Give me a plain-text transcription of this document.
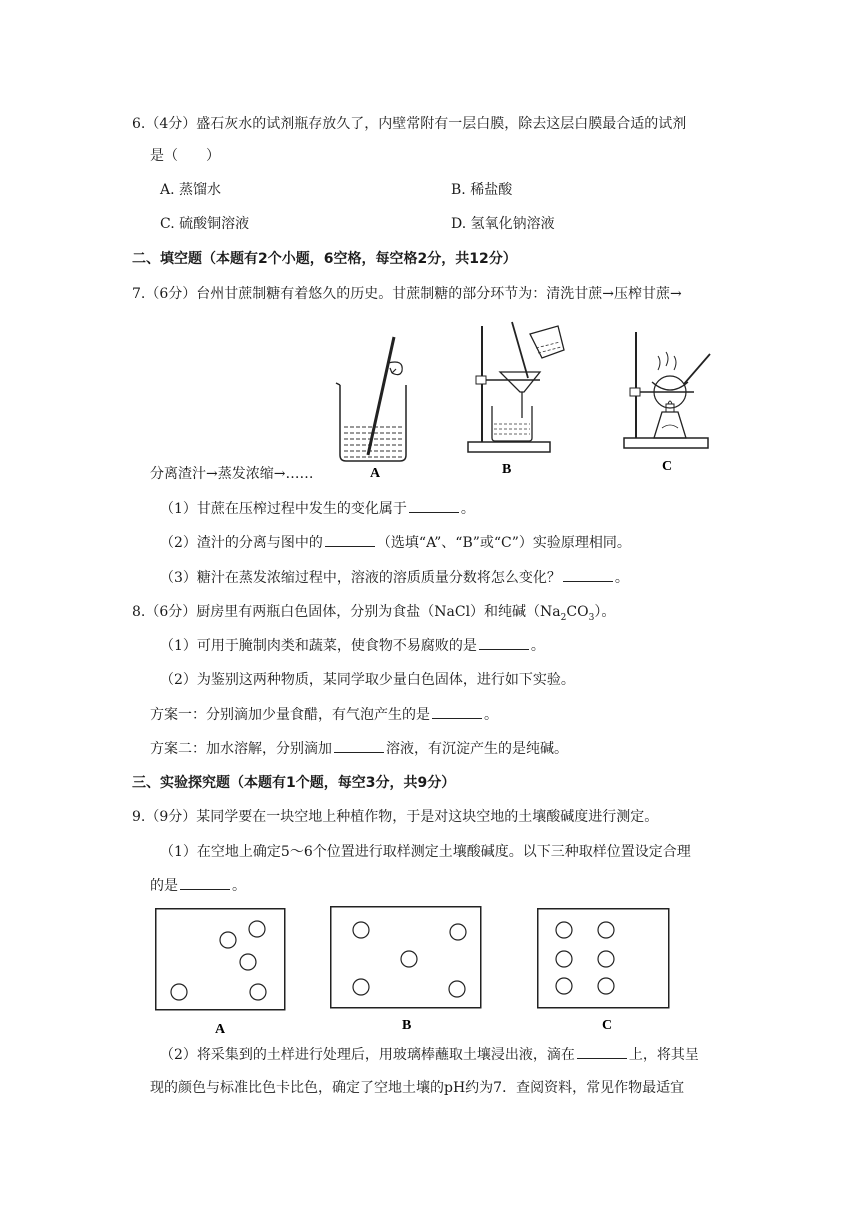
6.（4分）盛石灰水的试剂瓶存放久了，内壁常附有一层白膜，除去这层白膜最合适的试剂
是（　　）
A. 蒸馏水	B. 稀盐酸
C. 硫酸铜溶液	D. 氢氧化钠溶液
二、填空题（本题有2个小题，6空格，每空格2分，共12分）
7.（6分）台州甘蔗制糖有着悠久的历史。甘蔗制糖的部分环节为：清洗甘蔗→压榨甘蔗→
A	B	C
分离渣汁→蒸发浓缩→……
（1）甘蔗在压榨过程中发生的变化属于	。
（2）渣汁的分离与图中的	（选填“A”、“B”或“C”）实验原理相同。
（3）糖汁在蒸发浓缩过程中，溶液的溶质质量分数将怎么变化？	。
8.（6分）厨房里有两瓶白色固体，分别为食盐（NaCl）和纯碱$(Na_2CO_3)$。
（1）可用于腌制肉类和蔬菜，使食物不易腐败的是	。
（2）为鉴别这两种物质，某同学取少量白色固体，进行如下实验。
方案一：分别滴加少量食醋，有气泡产生的是	。
方案二：加水溶解，分别滴加	溶液，有沉淀产生的是纯碱。
三、实验探究题（本题有1个题，每空3分，共9分）
9.（9分）某同学要在一块空地上种植作物，于是对这块空地的土壤酸碱度进行测定。
（1）在空地上确定5～6个位置进行取样测定土壤酸碱度。以下三种取样位置设定合理
的是	。
A	B	C
（2）将采集到的土样进行处理后，用玻璃棒蘸取土壤浸出液，滴在	上，将其呈
现的颜色与标准比色卡比色，确定了空地土壤的pH约为7．查阅资料，常见作物最适宜
